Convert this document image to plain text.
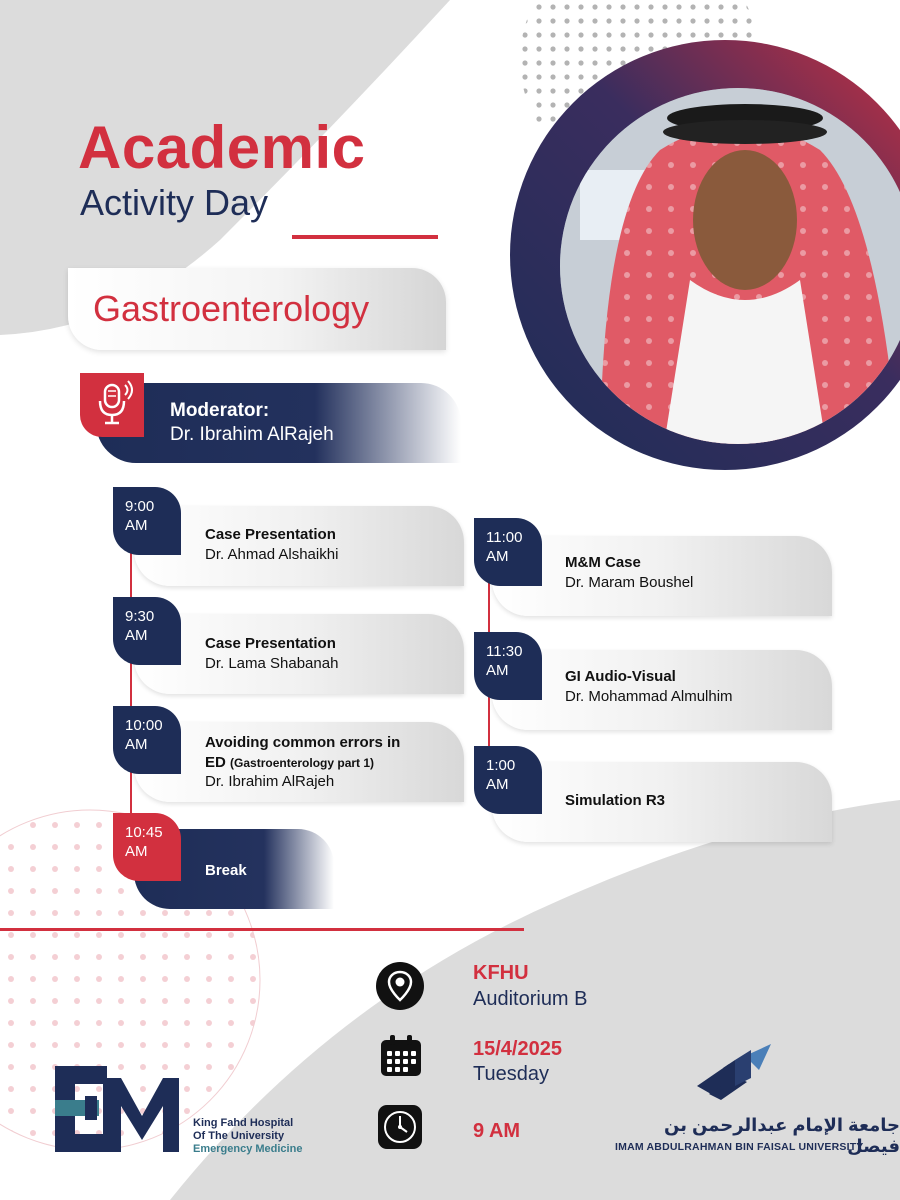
Academic
Activity Day
Gastroenterology
Moderator:
Dr. Ibrahim AlRajeh
9:00
AM
Case Presentation
Dr. Ahmad Alshaikhi
9:30
AM	Case Presentation
Dr. Lama Shabanah
10:00
AM	Avoiding common errors in
ED (Gastroenterology part 1)
Dr. Ibrahim AlRajeh
10:45
AM
Break
11:00
AM	M&M Case
Dr. Maram Boushel
11:30
AM	GI Audio-Visual
Dr. Mohammad Almulhim
1:00
AM
Simulation R3
KFHU
Auditorium B
15/4/2025
Tuesday
9 AM
King Fahd Hospital
Of The University
Emergency Medicine
جامعة الإمام عبدالرحمن بن فيصل
IMAM ABDULRAHMAN BIN FAISAL UNIVERSITY
